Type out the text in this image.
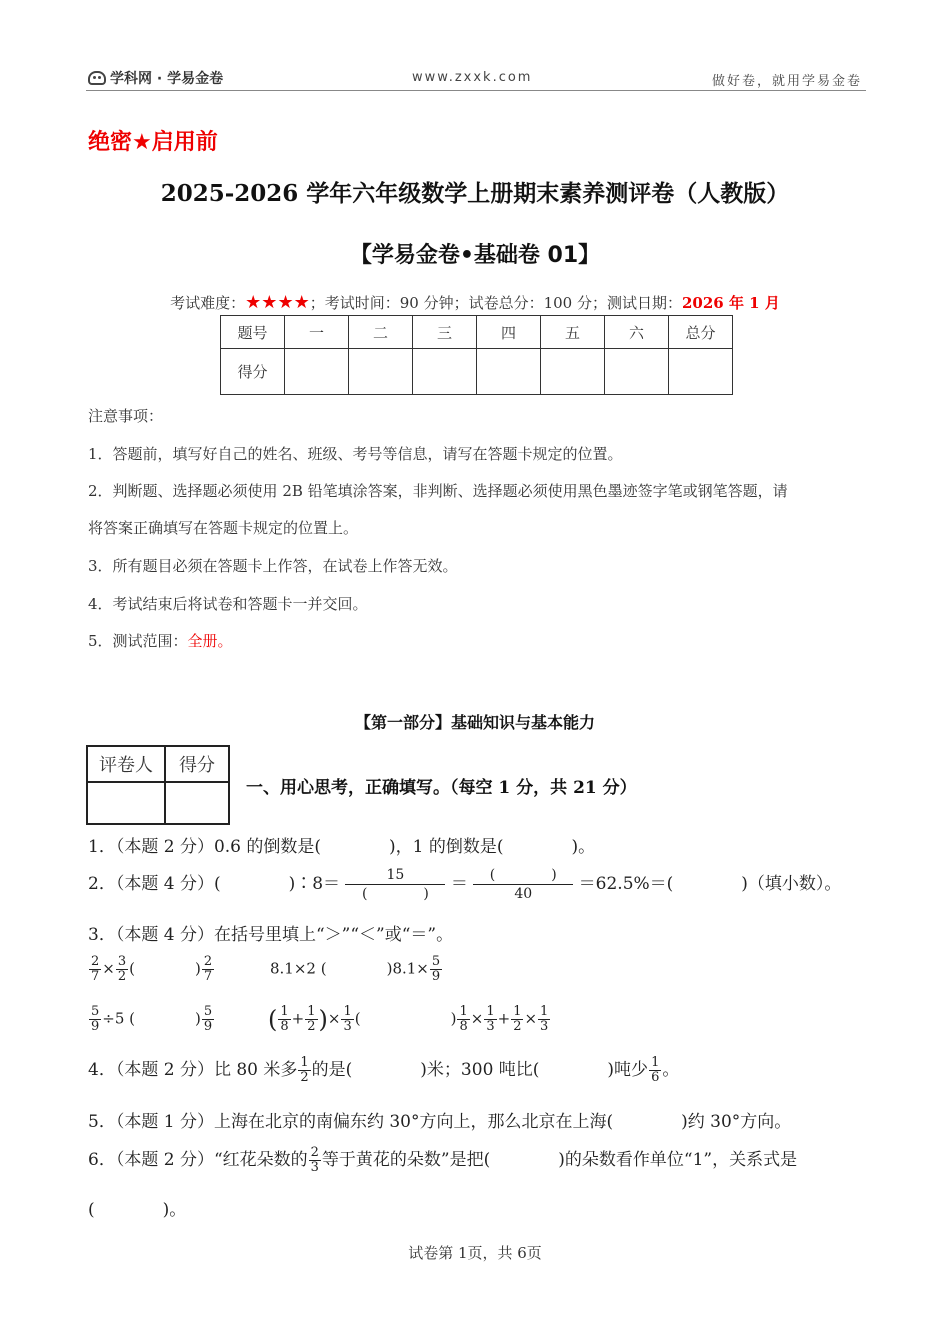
学科网 · 学易金卷	www.zxxk.com	做好卷，就用学易金卷
绝密★启用前
2025-2026 学年六年级数学上册期末素养测评卷（人教版）
【学易金卷•基础卷 01】
考试难度：★★★★；考试时间：90 分钟；试卷总分：100 分；测试日期：2026 年 1 月
题号	一	二	三	四	五	六	总分
得分							
注意事项：
1．答题前，填写好自己的姓名、班级、考号等信息，请写在答题卡规定的位置。
2．判断题、选择题必须使用 2B 铅笔填涂答案，非判断、选择题必须使用黑色墨迹签字笔或钢笔答题，请
将答案正确填写在答题卡规定的位置上。
3．所有题目必须在答题卡上作答，在试卷上作答无效。
4．考试结束后将试卷和答题卡一并交回。
5．测试范围：全册。
【第一部分】基础知识与基本能力
评卷人	得分

一、用心思考，正确填写。（每空 1 分，共 21 分）
1．（本题 2 分）0.6 的倒数是(　　　　)，1 的倒数是(　　　　)。
2．（本题 4 分）(　　　　)∶8＝	15
(　　　　)	＝	(　　　　)
40	＝62.5%＝(　　　　)（填小数）。
3．（本题 4 分）在括号里填上“＞”“＜”或“＝”。
$\frac{2}{7} \times \frac{3}{2}$ (　　　　) $\frac{2}{7}$	8.1×2 (　　　　)$8.1\times \frac{5}{9}$
$\frac{5}{9} \div 5$ (　　　　) $\frac{5}{9}$ ( $\frac{1}{8} + \frac{1}{2}$ )× $\frac{1}{3}$ (　　　　　　) $\frac{1}{8} \times \frac{1}{3} + \frac{1}{2} \times \frac{1}{3}$
4．（本题 2 分）比 80 米多 $\frac{1}{2}$ 的是(　　　　)米；300 吨比(　　　　)吨少 $\frac{1}{6}$ 。
5．（本题 1 分）上海在北京的南偏东约 30°方向上，那么北京在上海(　　　　)约 30°方向。
6．（本题 2 分）“红花朵数的 $\frac{2}{3}$ 等于黄花的朵数”是把(　　　　)的朵数看作单位“1”，关系式是
(　　　　)。
试卷第 1页，共 6页
